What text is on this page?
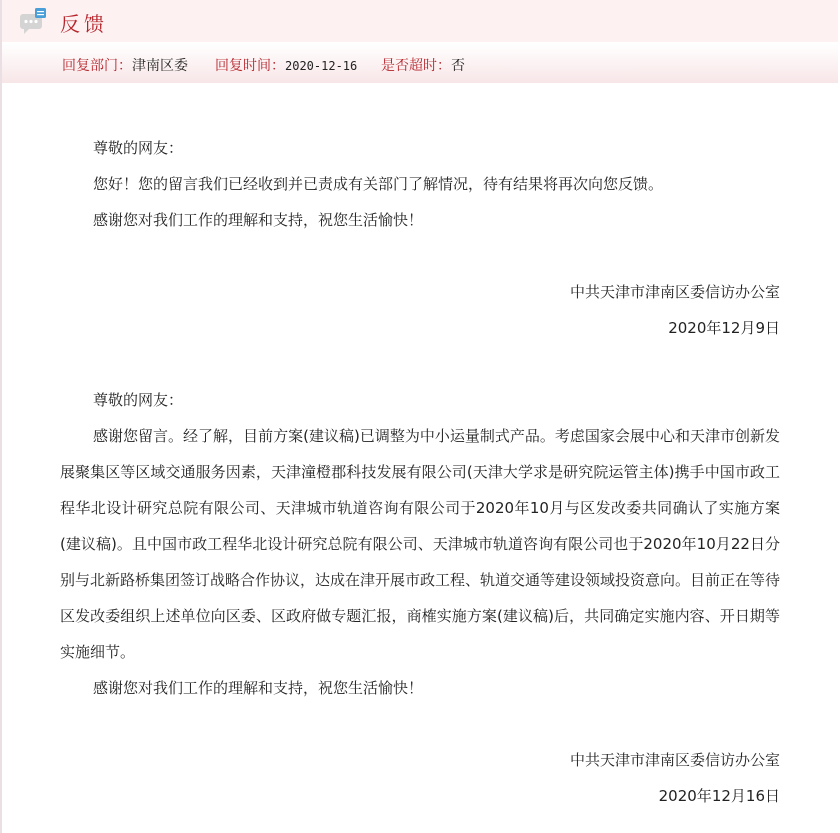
反馈
回复部门：津南区委 回复时间：2020-12-16 是否超时：否

尊敬的网友：

您好！您的留言我们已经收到并已责成有关部门了解情况，待有结果将再次向您反馈。

感谢您对我们工作的理解和支持，祝您生活愉快！

中共天津市津南区委信访办公室

2020年12月9日

尊敬的网友：

感谢您留言。经了解，目前方案(建议稿)已调整为中小运量制式产品。考虑国家会展中心和天津市创新发展聚集区等区域交通服务因素，天津潼橙郡科技发展有限公司(天津大学求是研究院运管主体)携手中国市政工程华北设计研究总院有限公司、天津城市轨道咨询有限公司于2020年10月与区发改委共同确认了实施方案(建议稿)。且中国市政工程华北设计研究总院有限公司、天津城市轨道咨询有限公司也于2020年10月22日分别与北新路桥集团签订战略合作协议，达成在津开展市政工程、轨道交通等建设领域投资意向。目前正在等待区发改委组织上述单位向区委、区政府做专题汇报，商榷实施方案(建议稿)后，共同确定实施内容、开日期等实施细节。

感谢您对我们工作的理解和支持，祝您生活愉快！

中共天津市津南区委信访办公室

2020年12月16日
